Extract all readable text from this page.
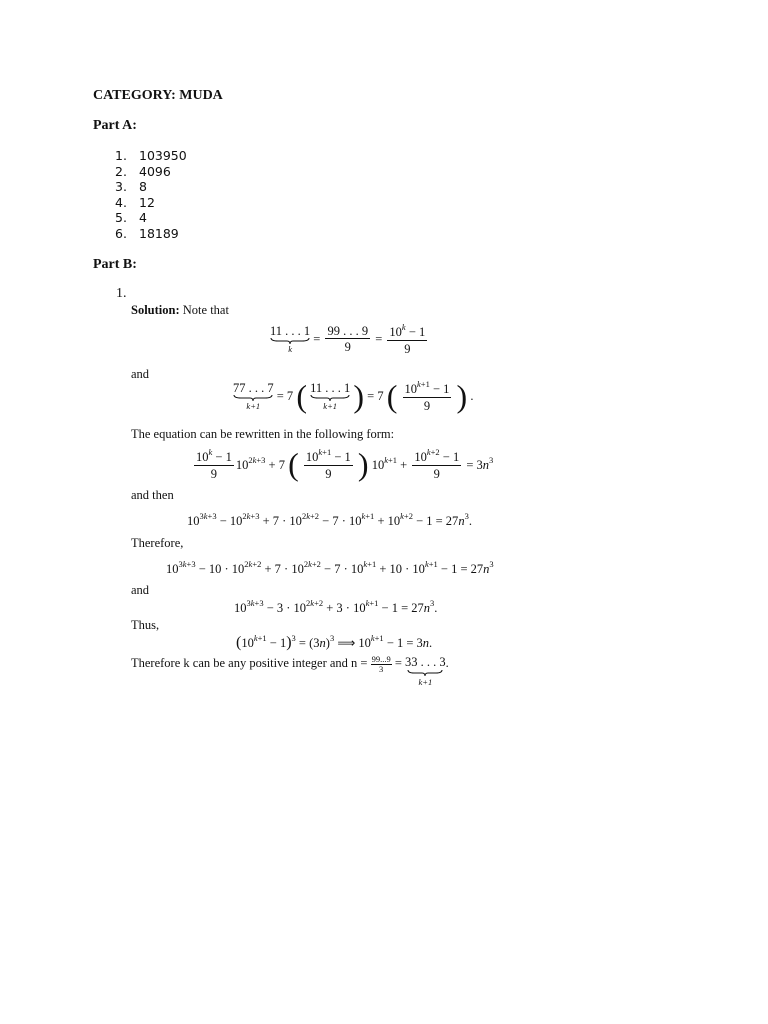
CATEGORY: MUDA
Part A:
1. 103950
2. 4096
3. 8
4. 12
5. 4
6. 18189
Part B:
1.
Solution: Note that
11 . . . 1
k
= $\frac{99 . . . 9}{9} = \frac{10^k - 1}{9}$
and
77 . . . 7
k+1
= 7 ( 11 . . . 1
k+1 ) = 7 ( $\frac{10^{k+1} - 1}{9}$ ) .
The equation can be rewritten in the following form:
$\frac{10^k - 1}{9} 10^{2k+3} + 7$ ( $\frac{10^{k+1} - 1}{9}$ ) $10^{k+1} + \frac{10^{k+2} - 1}{9} = 3n^3$
and then
$10^{3k+3} - 10^{2k+3} + 7 \cdot 10^{2k+2} - 7 \cdot 10^{k+1} + 10^{k+2} - 1 = 27n^3$.
Therefore,
$10^{3k+3} - 10 \cdot 10^{2k+2} + 7 \cdot 10^{2k+2} - 7 \cdot 10^{k+1} + 10 \cdot 10^{k+1} - 1 = 27n^3$
and
$10^{3k+3} - 3 \cdot 10^{2k+2} + 3 \cdot 10^{k+1} - 1 = 27n^3$.
Thus,
$(10^{k+1} - 1)^3 = (3n)^3$ ⟹ $10^{k+1} - 1 = 3n$.
Therefore k can be any positive integer and $n = \frac{99...9}{3} = 33$ . . . 3
k+1
.
